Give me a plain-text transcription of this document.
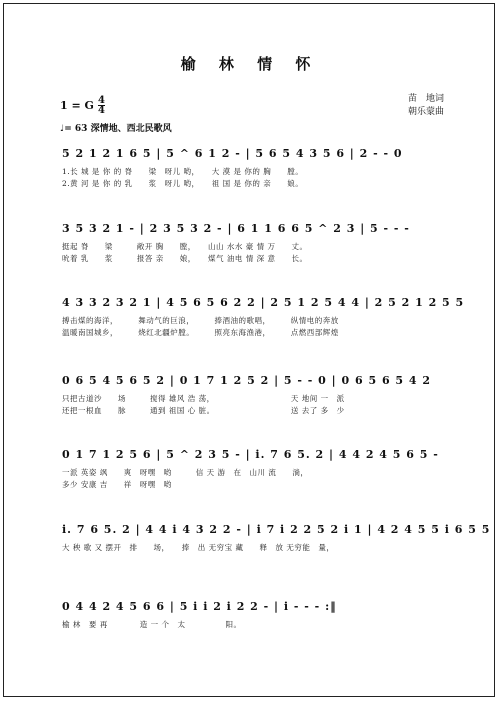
榆 林 情 怀
1 = G $\frac{4}{4}$
♩= 63 深情地、西北民歌风
苗　地词
朝乐蒙曲
5 2 1 2 1 6 5 | 5 ^ 6 1 2 - | 5 6 5 4 3 5 6 | 2 - - 0
1.长 城 是 你 的 脊　　梁　呀儿 哟，　　大 漠 是 你的 胸　　膛。
2.黄 河 是 你 的 乳　　浆　呀儿 哟，　　祖 国 是 你的 亲　　娘。
3 5 3 2 1 - | 2 3 5 3 2 - | 6 1 1 6 6 5 ^ 2 3 | 5 - - -
挺起 脊　　梁　　　敞开 胸　　膛，　　山山 水水 豪 情 万　　丈。
吮着 乳　　浆　　　报答 亲　　娘，　　煤气 油电 情 深 意　　长。
4 3 3 2 3 2 1 | 4 5 6 5 6 2 2 | 2 5 1 2 5 4 4 | 2 5 2 1 2 5 5
搏击煤的海洋，　　　舞动气的巨浪，　　　捧酒油的歌唱，　　　纵情电的奔放
温暖南国城乡，　　　烧红北疆炉膛。　　　照亮东海渔港，　　　点燃西部辉煌
0 6 5 4 5 6 5 2 | 0 1 7 1 2 5 2 | 5 - - 0 | 0 6 5 6 5 4 2
只把古道沙　　场　　　搅得 雄风 浩 荡，　　　　　　　　　　天 地间 一　派
还把一根血　　脉　　　通到 祖国 心 脏。　　　　　　　　　　送 去了 多　少
0 1 7 1 2 5 6 | 5 ^ 2 3 5 - | i. 7 6 5. 2 | 4 4 2 4 5 6 5 -
一派 英姿 飒　　爽　呀嘿　哟　　　信 天 游　在　山川 流　　淌，
多少 安康 吉　　祥　呀嘿　哟
i. 7 6 5. 2 | 4 4 i 4 3 2 2 - | i 7 i 2 2 5 2 i 1 | 4 2 4 5 5 i 6 5 5
大 秧 歌 又 摆开　排　　场，　　捧　出 无穷宝 藏　　释　放 无穷能　量，
0 4 4 2 4 5 6 6 | 5 i i 2 i 2 2 - | i - - - :‖
榆 林　要 再　　　　造 一 个　太　　　　　阳。
